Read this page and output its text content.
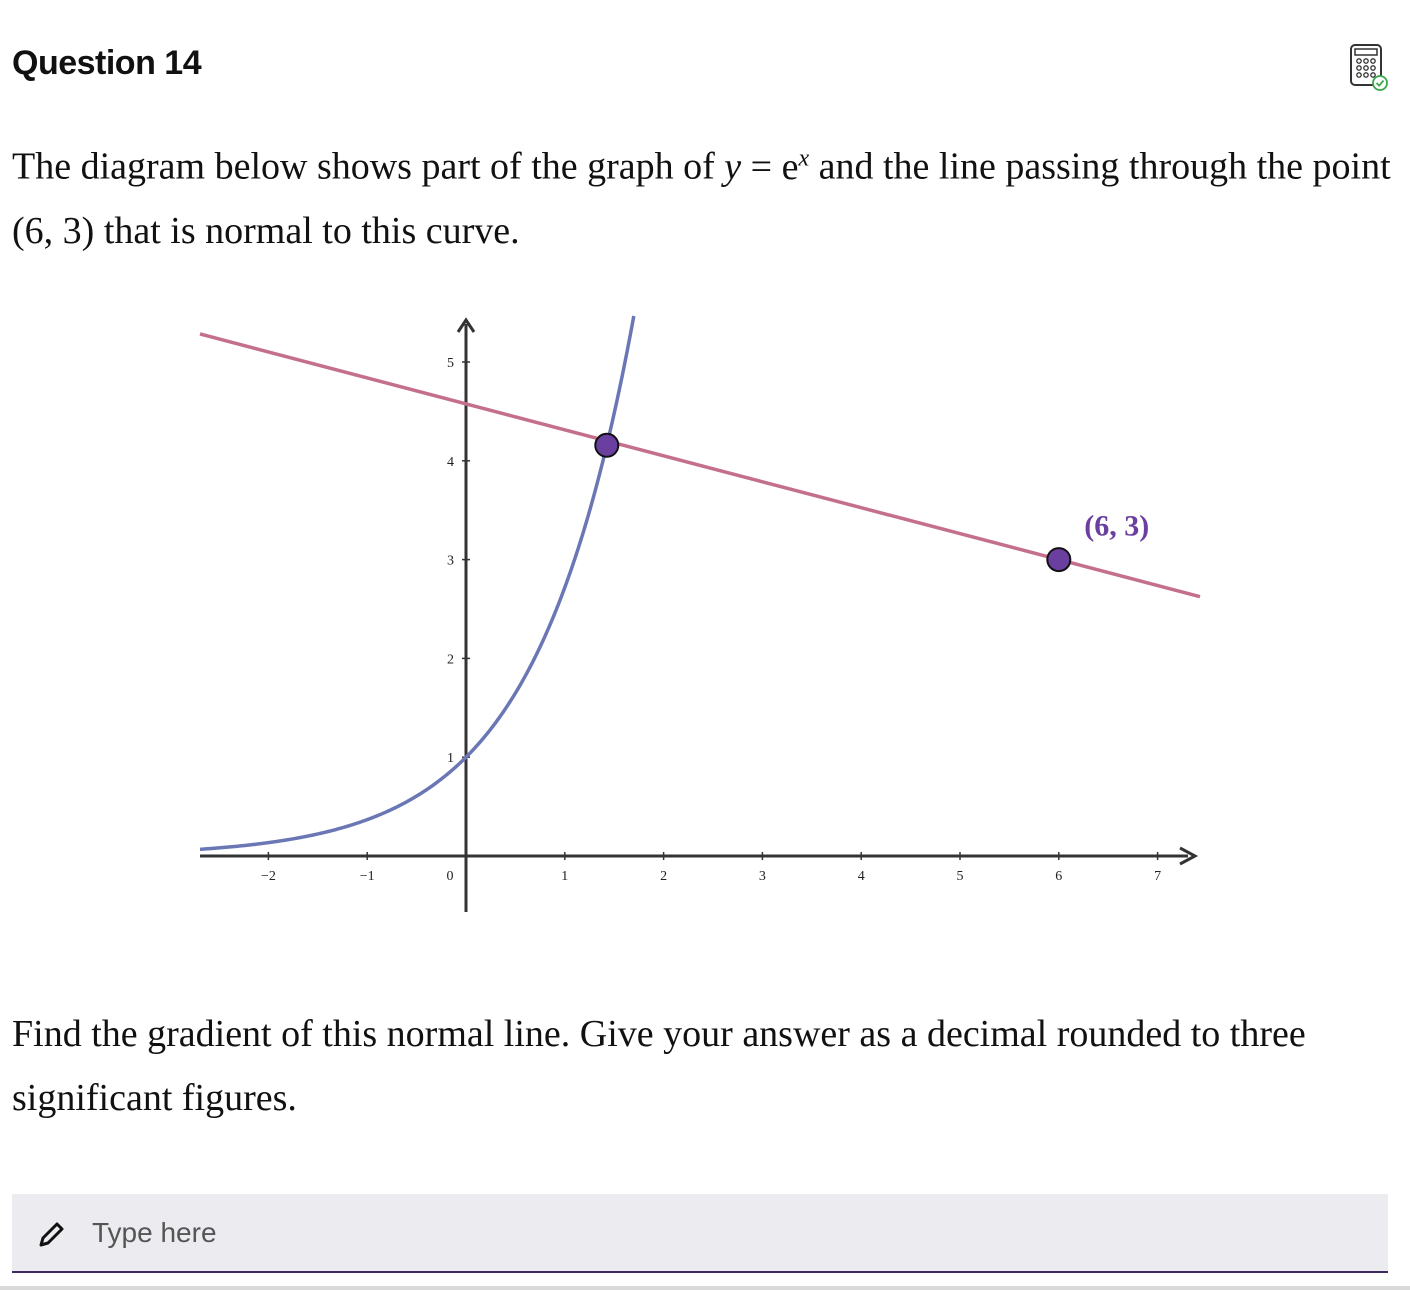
Question 14
The diagram below shows part of the graph of $y = e^x$ and the line passing through the point (6, 3) that is normal to this curve.
−2	−1	0	1	2	3	4	5	6	7
1
2
3
4
5
(6, 3)
Find the gradient of this normal line. Give your answer as a decimal rounded to three significant figures.
Type here
